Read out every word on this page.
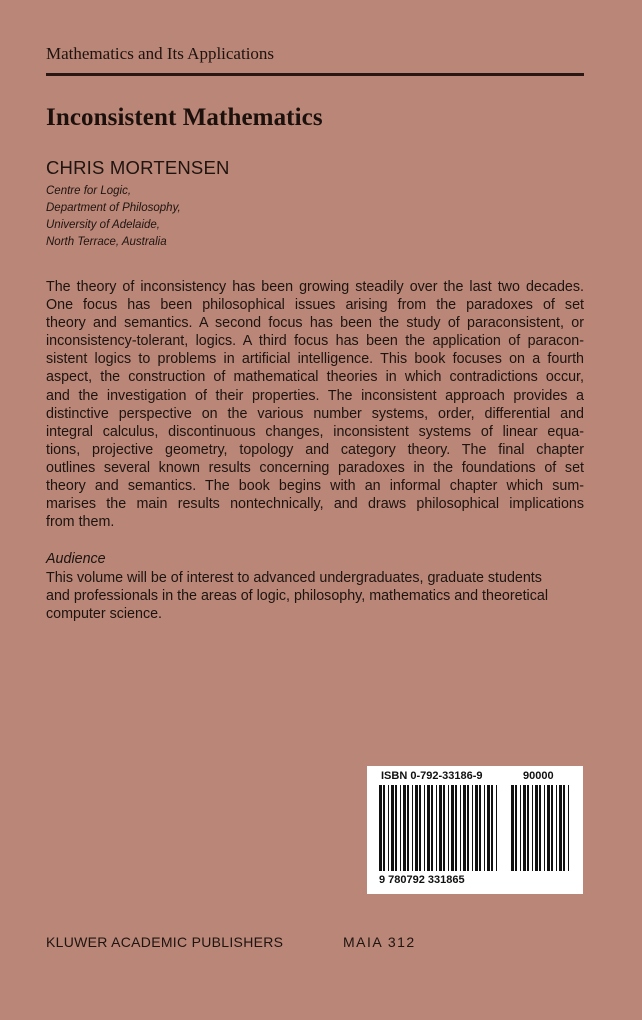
Mathematics and Its Applications
Inconsistent Mathematics
CHRIS MORTENSEN
Centre for Logic,
Department of Philosophy,
University of Adelaide,
North Terrace, Australia
The theory of inconsistency has been growing steadily over the last two decades.
One focus has been philosophical issues arising from the paradoxes of set
theory and semantics. A second focus has been the study of paraconsistent, or
inconsistency-tolerant, logics. A third focus has been the application of paracon-
sistent logics to problems in artificial intelligence. This book focuses on a fourth
aspect, the construction of mathematical theories in which contradictions occur,
and the investigation of their properties. The inconsistent approach provides a
distinctive perspective on the various number systems, order, differential and
integral calculus, discontinuous changes, inconsistent systems of linear equa-
tions, projective geometry, topology and category theory. The final chapter
outlines several known results concerning paradoxes in the foundations of set
theory and semantics. The book begins with an informal chapter which sum-
marises the main results nontechnically, and draws philosophical implications
from them.
Audience
This volume will be of interest to advanced undergraduates, graduate students
and professionals in the areas of logic, philosophy, mathematics and theoretical
computer science.
ISBN 0-792-33186-9	90000
9 780792 331865
KLUWER ACADEMIC PUBLISHERS	MAIA 312
